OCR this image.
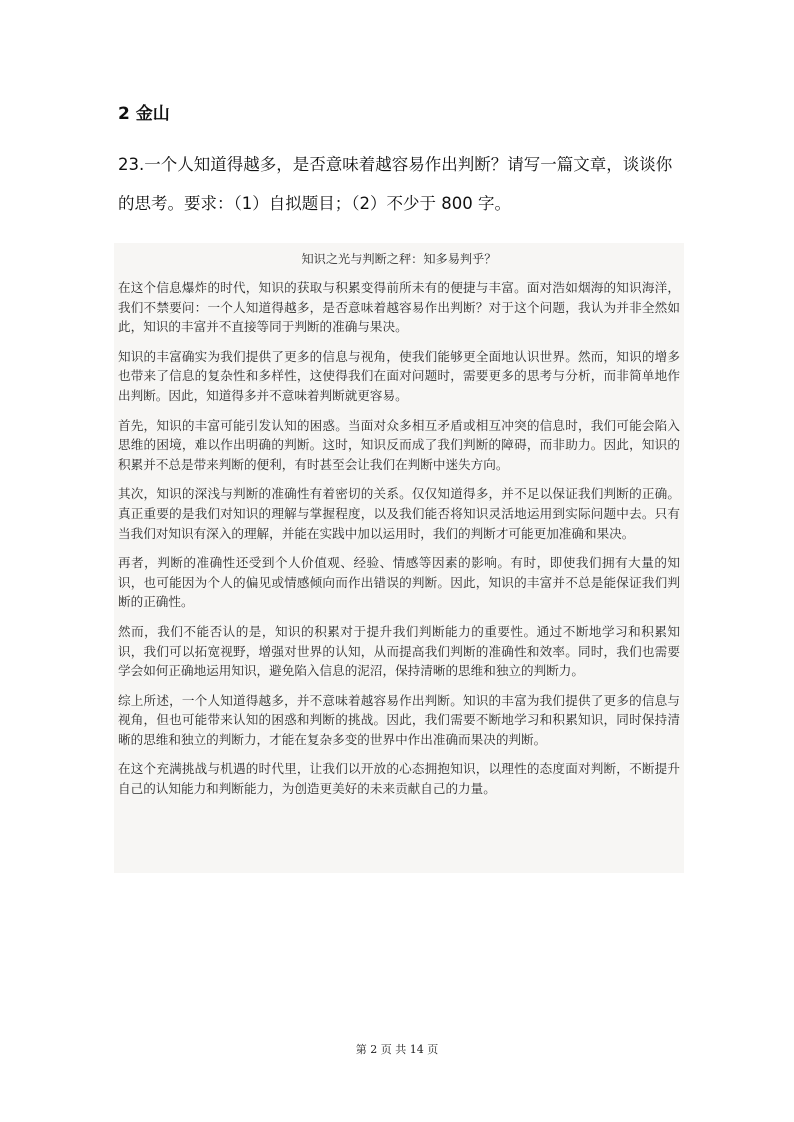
2 金山

23.一个人知道得越多，是否意味着越容易作出判断？请写一篇文章，谈谈你的思考。要求：（1）自拟题目；（2）不少于 800 字。

知识之光与判断之秤：知多易判乎？

在这个信息爆炸的时代，知识的获取与积累变得前所未有的便捷与丰富。面对浩如烟海的知识海洋，我们不禁要问：一个人知道得越多，是否意味着越容易作出判断？对于这个问题，我认为并非全然如此，知识的丰富并不直接等同于判断的准确与果决。

知识的丰富确实为我们提供了更多的信息与视角，使我们能够更全面地认识世界。然而，知识的增多也带来了信息的复杂性和多样性，这使得我们在面对问题时，需要更多的思考与分析，而非简单地作出判断。因此，知道得多并不意味着判断就更容易。

首先，知识的丰富可能引发认知的困惑。当面对众多相互矛盾或相互冲突的信息时，我们可能会陷入思维的困境，难以作出明确的判断。这时，知识反而成了我们判断的障碍，而非助力。因此，知识的积累并不总是带来判断的便利，有时甚至会让我们在判断中迷失方向。

其次，知识的深浅与判断的准确性有着密切的关系。仅仅知道得多，并不足以保证我们判断的正确。真正重要的是我们对知识的理解与掌握程度，以及我们能否将知识灵活地运用到实际问题中去。只有当我们对知识有深入的理解，并能在实践中加以运用时，我们的判断才可能更加准确和果决。

再者，判断的准确性还受到个人价值观、经验、情感等因素的影响。有时，即使我们拥有大量的知识，也可能因为个人的偏见或情感倾向而作出错误的判断。因此，知识的丰富并不总是能保证我们判断的正确性。

然而，我们不能否认的是，知识的积累对于提升我们判断能力的重要性。通过不断地学习和积累知识，我们可以拓宽视野，增强对世界的认知，从而提高我们判断的准确性和效率。同时，我们也需要学会如何正确地运用知识，避免陷入信息的泥沼，保持清晰的思维和独立的判断力。

综上所述，一个人知道得越多，并不意味着越容易作出判断。知识的丰富为我们提供了更多的信息与视角，但也可能带来认知的困惑和判断的挑战。因此，我们需要不断地学习和积累知识，同时保持清晰的思维和独立的判断力，才能在复杂多变的世界中作出准确而果决的判断。

在这个充满挑战与机遇的时代里，让我们以开放的心态拥抱知识，以理性的态度面对判断，不断提升自己的认知能力和判断能力，为创造更美好的未来贡献自己的力量。

第 2 页 共 14 页
